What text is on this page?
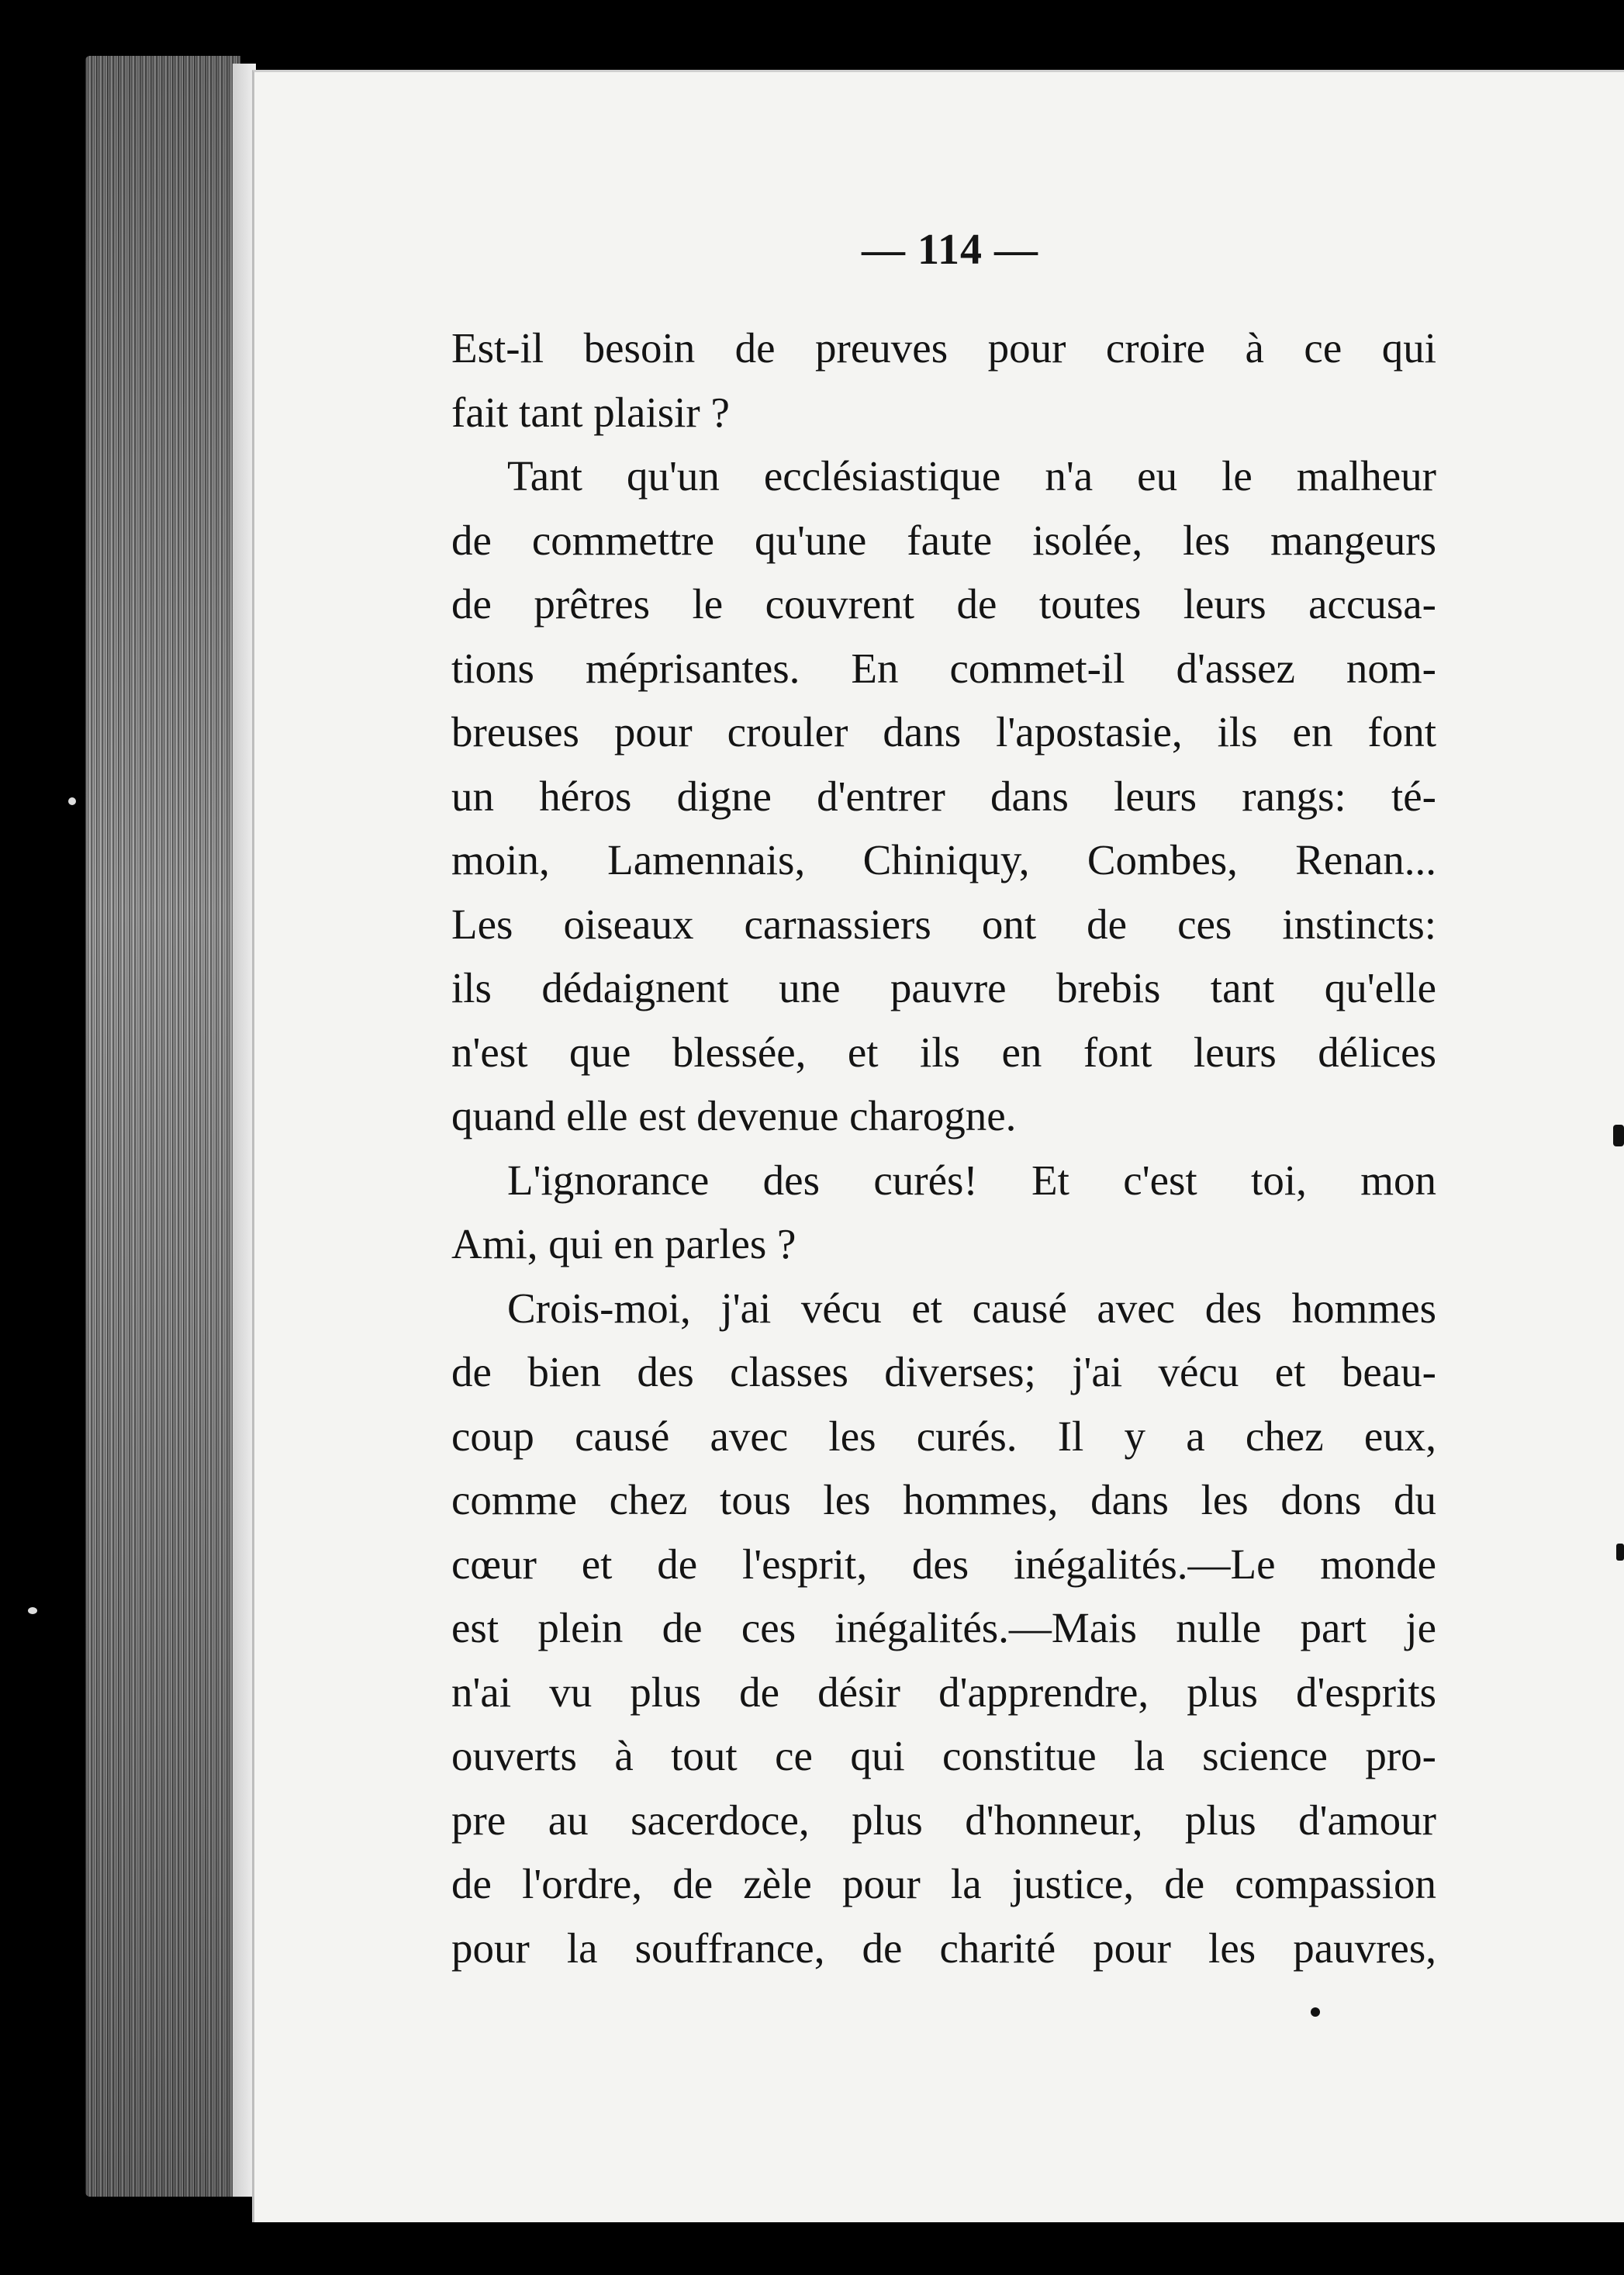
— 114 —

Est-il besoin de preuves pour croire à ce qui
fait tant plaisir ?

Tant qu'un ecclésiastique n'a eu le malheur
de commettre qu'une faute isolée, les mangeurs
de prêtres le couvrent de toutes leurs accusa-
tions méprisantes. En commet-il d'assez nom-
breuses pour crouler dans l'apostasie, ils en font
un héros digne d'entrer dans leurs rangs: té-
moin, Lamennais, Chiniquy, Combes, Renan...
Les oiseaux carnassiers ont de ces instincts:
ils dédaignent une pauvre brebis tant qu'elle
n'est que blessée, et ils en font leurs délices
quand elle est devenue charogne.

L'ignorance des curés! Et c'est toi, mon
Ami, qui en parles ?

Crois-moi, j'ai vécu et causé avec des hommes
de bien des classes diverses; j'ai vécu et beau-
coup causé avec les curés. Il y a chez eux,
comme chez tous les hommes, dans les dons du
cœur et de l'esprit, des inégalités.—Le monde
est plein de ces inégalités.—Mais nulle part je
n'ai vu plus de désir d'apprendre, plus d'esprits
ouverts à tout ce qui constitue la science pro-
pre au sacerdoce, plus d'honneur, plus d'amour
de l'ordre, de zèle pour la justice, de compassion
pour la souffrance, de charité pour les pauvres,
